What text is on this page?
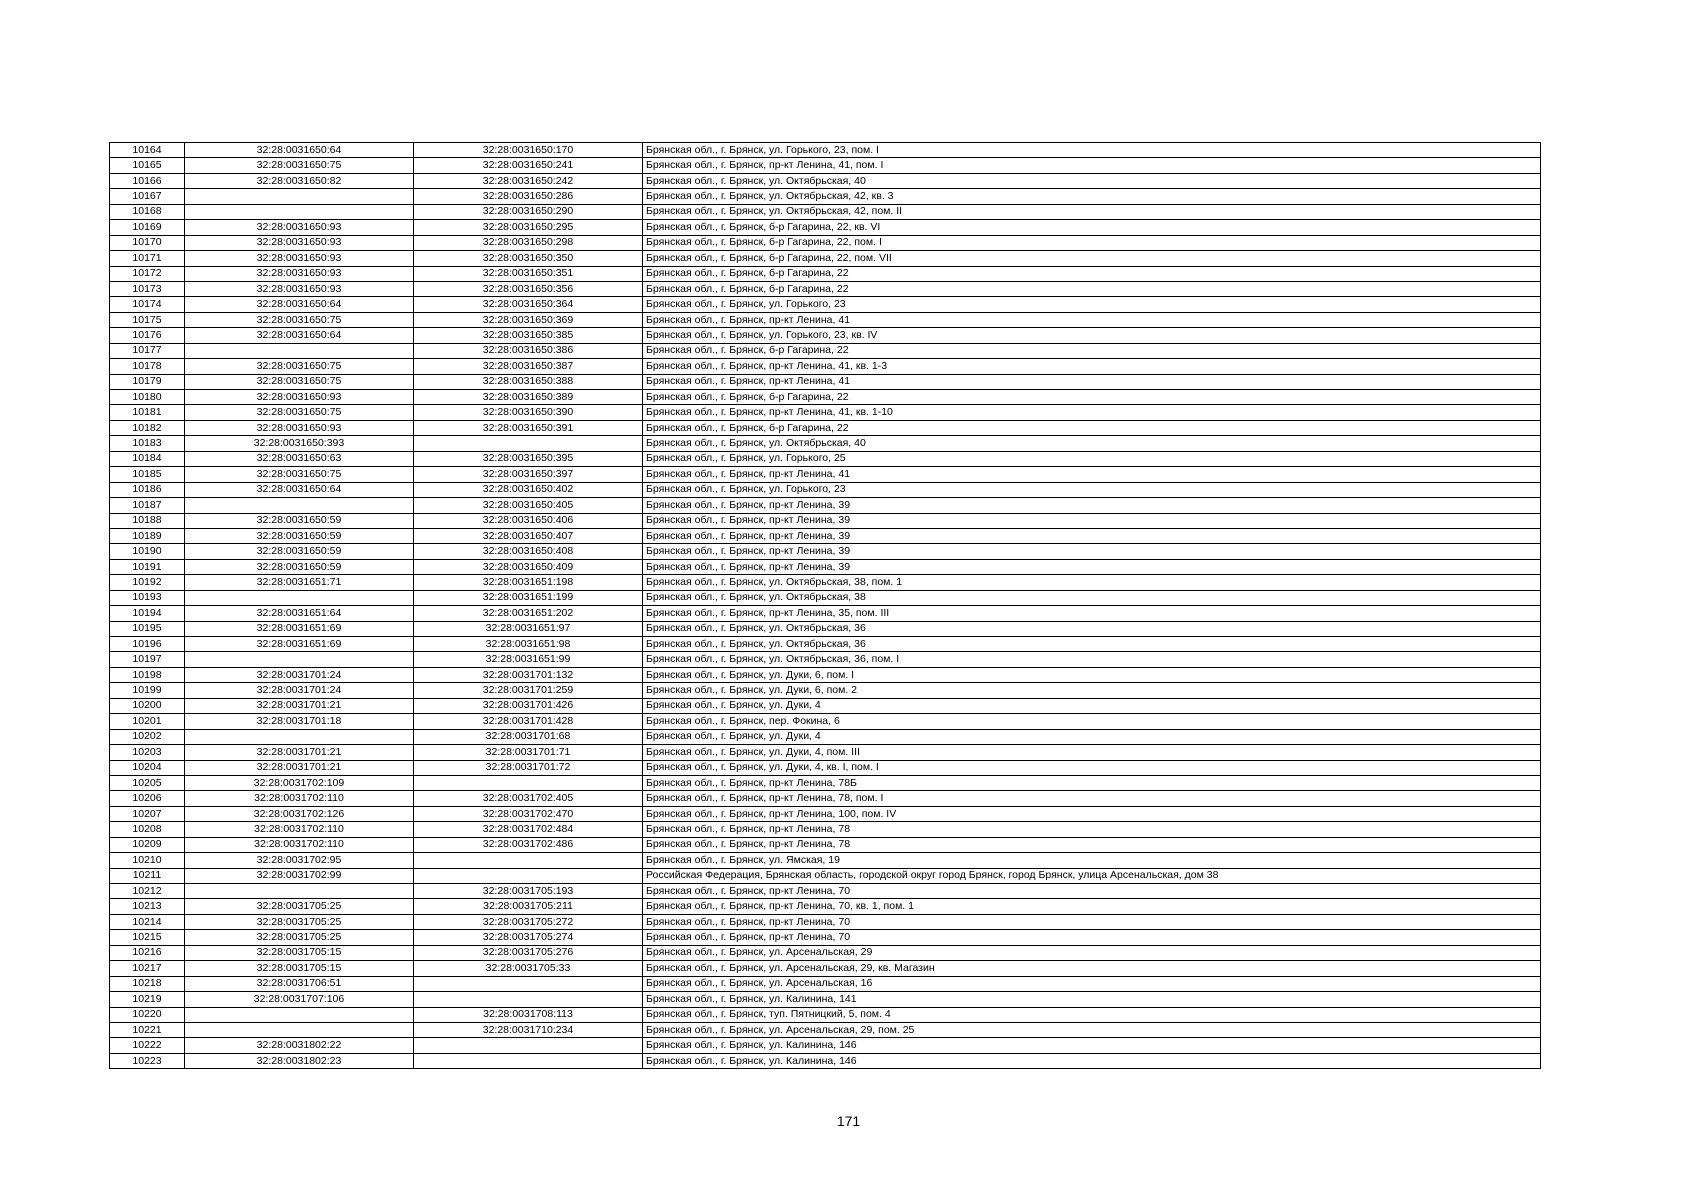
10164	32:28:0031650:64	32:28:0031650:170	Брянская обл., г. Брянск, ул. Горького, 23, пом. I
10165	32:28:0031650:75	32:28:0031650:241	Брянская обл., г. Брянск, пр-кт Ленина, 41, пом. I
10166	32:28:0031650:82	32:28:0031650:242	Брянская обл., г. Брянск, ул. Октябрьская, 40
10167		32:28:0031650:286	Брянская обл., г. Брянск, ул. Октябрьская, 42, кв. 3
10168		32:28:0031650:290	Брянская обл., г. Брянск, ул. Октябрьская, 42, пом. II
10169	32:28:0031650:93	32:28:0031650:295	Брянская обл., г. Брянск, б-р Гагарина, 22, кв. VI
10170	32:28:0031650:93	32:28:0031650:298	Брянская обл., г. Брянск, б-р Гагарина, 22, пом. I
10171	32:28:0031650:93	32:28:0031650:350	Брянская обл., г. Брянск, б-р Гагарина, 22, пом. VII
10172	32:28:0031650:93	32:28:0031650:351	Брянская обл., г. Брянск, б-р Гагарина, 22
10173	32:28:0031650:93	32:28:0031650:356	Брянская обл., г. Брянск, б-р Гагарина, 22
10174	32:28:0031650:64	32:28:0031650:364	Брянская обл., г. Брянск, ул. Горького, 23
10175	32:28:0031650:75	32:28:0031650:369	Брянская обл., г. Брянск, пр-кт Ленина, 41
10176	32:28:0031650:64	32:28:0031650:385	Брянская обл., г. Брянск, ул. Горького, 23, кв. IV
10177		32:28:0031650:386	Брянская обл., г. Брянск, б-р Гагарина, 22
10178	32:28:0031650:75	32:28:0031650:387	Брянская обл., г. Брянск, пр-кт Ленина, 41, кв. 1-3
10179	32:28:0031650:75	32:28:0031650:388	Брянская обл., г. Брянск, пр-кт Ленина, 41
10180	32:28:0031650:93	32:28:0031650:389	Брянская обл., г. Брянск, б-р Гагарина, 22
10181	32:28:0031650:75	32:28:0031650:390	Брянская обл., г. Брянск, пр-кт Ленина, 41, кв. 1-10
10182	32:28:0031650:93	32:28:0031650:391	Брянская обл., г. Брянск, б-р Гагарина, 22
10183	32:28:0031650:393		Брянская обл., г. Брянск, ул. Октябрьская, 40
10184	32:28:0031650:63	32:28:0031650:395	Брянская обл., г. Брянск, ул. Горького, 25
10185	32:28:0031650:75	32:28:0031650:397	Брянская обл., г. Брянск, пр-кт Ленина, 41
10186	32:28:0031650:64	32:28:0031650:402	Брянская обл., г. Брянск, ул. Горького, 23
10187		32:28:0031650:405	Брянская обл., г. Брянск, пр-кт Ленина, 39
10188	32:28:0031650:59	32:28:0031650:406	Брянская обл., г. Брянск, пр-кт Ленина, 39
10189	32:28:0031650:59	32:28:0031650:407	Брянская обл., г. Брянск, пр-кт Ленина, 39
10190	32:28:0031650:59	32:28:0031650:408	Брянская обл., г. Брянск, пр-кт Ленина, 39
10191	32:28:0031650:59	32:28:0031650:409	Брянская обл., г. Брянск, пр-кт Ленина, 39
10192	32:28:0031651:71	32:28:0031651:198	Брянская обл., г. Брянск, ул. Октябрьская, 38, пом. 1
10193		32:28:0031651:199	Брянская обл., г. Брянск, ул. Октябрьская, 38
10194	32:28:0031651:64	32:28:0031651:202	Брянская обл., г. Брянск, пр-кт Ленина, 35, пом. III
10195	32:28:0031651:69	32:28:0031651:97	Брянская обл., г. Брянск, ул. Октябрьская, 36
10196	32:28:0031651:69	32:28:0031651:98	Брянская обл., г. Брянск, ул. Октябрьская, 36
10197		32:28:0031651:99	Брянская обл., г. Брянск, ул. Октябрьская, 36, пом. I
10198	32:28:0031701:24	32:28:0031701:132	Брянская обл., г. Брянск, ул. Дуки, 6, пом. I
10199	32:28:0031701:24	32:28:0031701:259	Брянская обл., г. Брянск, ул. Дуки, 6, пом. 2
10200	32:28:0031701:21	32:28:0031701:426	Брянская обл., г. Брянск, ул. Дуки, 4
10201	32:28:0031701:18	32:28:0031701:428	Брянская обл., г. Брянск, пер. Фокина, 6
10202		32:28:0031701:68	Брянская обл., г. Брянск, ул. Дуки, 4
10203	32:28:0031701:21	32:28:0031701:71	Брянская обл., г. Брянск, ул. Дуки, 4, пом. III
10204	32:28:0031701:21	32:28:0031701:72	Брянская обл., г. Брянск, ул. Дуки, 4, кв. I, пом. I
10205	32:28:0031702:109		Брянская обл., г. Брянск, пр-кт Ленина, 78Б
10206	32:28:0031702:110	32:28:0031702:405	Брянская обл., г. Брянск, пр-кт Ленина, 78, пом. I
10207	32:28:0031702:126	32:28:0031702:470	Брянская обл., г. Брянск, пр-кт Ленина, 100, пом. IV
10208	32:28:0031702:110	32:28:0031702:484	Брянская обл., г. Брянск, пр-кт Ленина, 78
10209	32:28:0031702:110	32:28:0031702:486	Брянская обл., г. Брянск, пр-кт Ленина, 78
10210	32:28:0031702:95		Брянская обл., г. Брянск, ул. Ямская, 19
10211	32:28:0031702:99		Российская Федерация, Брянская область, городской округ город Брянск, город Брянск, улица Арсенальская, дом 38
10212		32:28:0031705:193	Брянская обл., г. Брянск, пр-кт Ленина, 70
10213	32:28:0031705:25	32:28:0031705:211	Брянская обл., г. Брянск, пр-кт Ленина, 70, кв. 1, пом. 1
10214	32:28:0031705:25	32:28:0031705:272	Брянская обл., г. Брянск, пр-кт Ленина, 70
10215	32:28:0031705:25	32:28:0031705:274	Брянская обл., г. Брянск, пр-кт Ленина, 70
10216	32:28:0031705:15	32:28:0031705:276	Брянская обл., г. Брянск, ул. Арсенальская, 29
10217	32:28:0031705:15	32:28:0031705:33	Брянская обл., г. Брянск, ул. Арсенальская, 29, кв. Магазин
10218	32:28:0031706:51		Брянская обл., г. Брянск, ул. Арсенальская, 16
10219	32:28:0031707:106		Брянская обл., г. Брянск, ул. Калинина, 141
10220		32:28:0031708:113	Брянская обл., г. Брянск, туп. Пятницкий, 5, пом. 4
10221		32:28:0031710:234	Брянская обл., г. Брянск, ул. Арсенальская, 29, пом. 25
10222	32:28:0031802:22		Брянская обл., г. Брянск, ул. Калинина, 146
10223	32:28:0031802:23		Брянская обл., г. Брянск, ул. Калинина, 146
171
